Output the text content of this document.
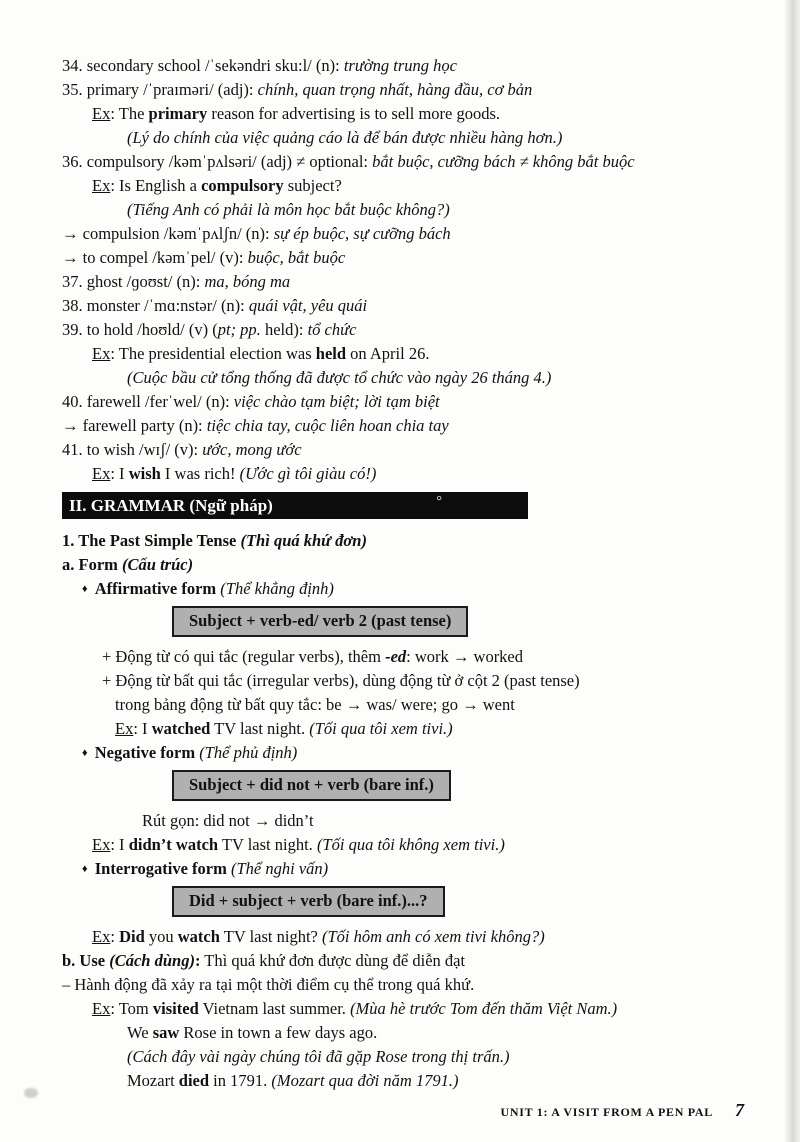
34. secondary school /ˈsekəndri sku:l/ (n): trường trung học
35. primary /ˈpraɪməri/ (adj): chính, quan trọng nhất, hàng đầu, cơ bản
Ex: The primary reason for advertising is to sell more goods.
(Lý do chính của việc quảng cáo là để bán được nhiều hàng hơn.)
36. compulsory /kəmˈpʌlsəri/ (adj) ≠ optional: bắt buộc, cưỡng bách ≠ không bắt buộc
Ex: Is English a compulsory subject?
(Tiếng Anh có phải là môn học bắt buộc không?)
→ compulsion /kəmˈpʌlʃn/ (n): sự ép buộc, sự cưỡng bách
→ to compel /kəmˈpel/ (v): buộc, bắt buộc
37. ghost /ɡoʊst/ (n): ma, bóng ma
38. monster /ˈmɑ:nstər/ (n): quái vật, yêu quái
39. to hold /hoʊld/ (v) (pt; pp. held): tổ chức
Ex: The presidential election was held on April 26.
(Cuộc bầu cử tổng thống đã được tổ chức vào ngày 26 tháng 4.)
40. farewell /ferˈwel/ (n): việc chào tạm biệt; lời tạm biệt
→ farewell party (n): tiệc chia tay, cuộc liên hoan chia tay
41. to wish /wɪʃ/ (v): ước, mong ước
Ex: I wish I was rich! (Ước gì tôi giàu có!)
II. GRAMMAR (Ngữ pháp)	°
1. The Past Simple Tense (Thì quá khứ đơn)
a. Form (Cấu trúc)
♦ Affirmative form (Thể khẳng định)
Subject + verb-ed/ verb 2 (past tense)
+ Động từ có qui tắc (regular verbs), thêm -ed: work → worked
+ Động từ bất qui tắc (irregular verbs), dùng động từ ở cột 2 (past tense)
trong bảng động từ bất quy tắc: be → was/ were; go → went
Ex: I watched TV last night. (Tối qua tôi xem tivi.)
♦ Negative form (Thể phủ định)
Subject + did not + verb (bare inf.)
Rút gọn: did not → didn’t
Ex: I didn’t watch TV last night. (Tối qua tôi không xem tivi.)
♦ Interrogative form (Thể nghi vấn)
Did + subject + verb (bare inf.)...?
Ex: Did you watch TV last night? (Tối hôm anh có xem tivi không?)
b. Use (Cách dùng): Thì quá khứ đơn được dùng để diễn đạt
– Hành động đã xảy ra tại một thời điểm cụ thể trong quá khứ.
Ex: Tom visited Vietnam last summer. (Mùa hè trước Tom đến thăm Việt Nam.)
We saw Rose in town a few days ago.
(Cách đây vài ngày chúng tôi đã gặp Rose trong thị trấn.)
Mozart died in 1791. (Mozart qua đời năm 1791.)
UNIT 1: A VISIT FROM A PEN PAL 7
